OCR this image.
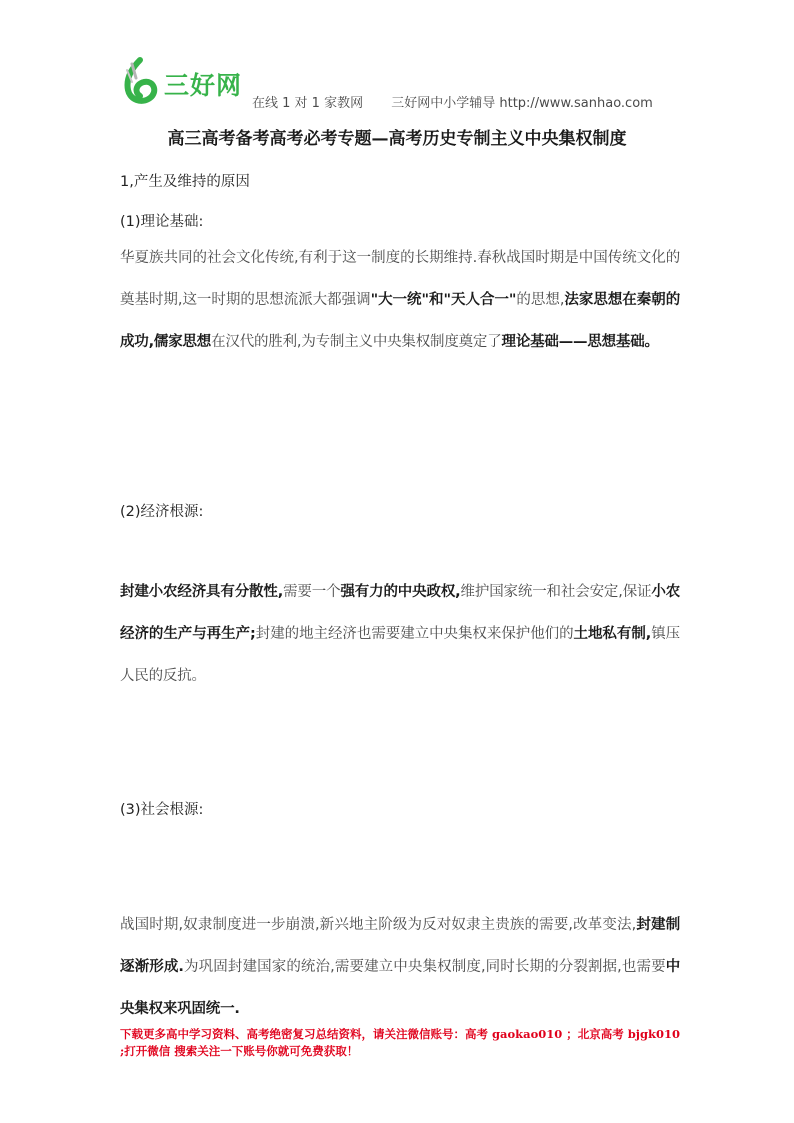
三好网
在线 1 对 1 家教网 三好网中小学辅导 http://www.sanhao.com
高三高考备考高考必考专题—高考历史专制主义中央集权制度
1,产生及维持的原因
(1)理论基础:
华夏族共同的社会文化传统,有利于这一制度的长期维持.春秋战国时期是中国传统文化的奠基时期,这一时期的思想流派大都强调"大一统"和"天人合一"的思想,法家思想在秦朝的成功,儒家思想在汉代的胜利,为专制主义中央集权制度奠定了理论基础——思想基础。
(2)经济根源:
封建小农经济具有分散性,需要一个强有力的中央政权,维护国家统一和社会安定,保证小农经济的生产与再生产;封建的地主经济也需要建立中央集权来保护他们的土地私有制,镇压人民的反抗。
(3)社会根源:
战国时期,奴隶制度进一步崩溃,新兴地主阶级为反对奴隶主贵族的需要,改革变法,封建制逐渐形成.为巩固封建国家的统治,需要建立中央集权制度,同时长期的分裂割据,也需要中央集权来巩固统一.
下载更多高中学习资料、高考绝密复习总结资料，请关注微信账号：高考 gaokao010 ；北京高考 bjgk010 ;打开微信 搜索关注一下账号你就可免费获取！
